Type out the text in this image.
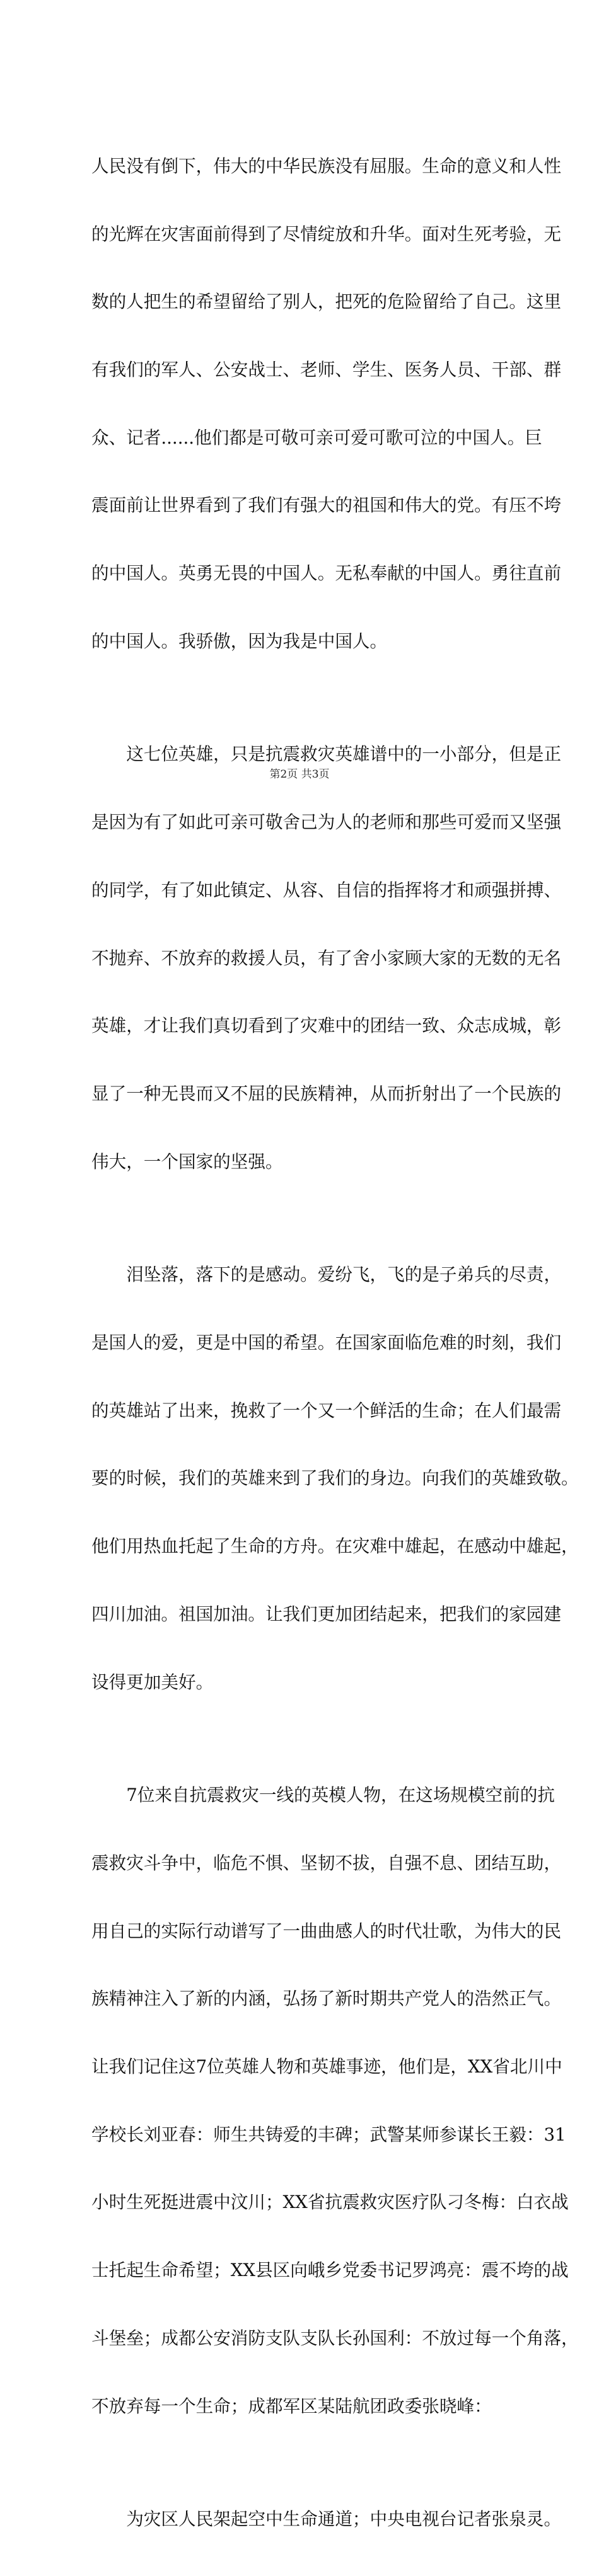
人民没有倒下，伟大的中华民族没有屈服。生命的意义和人性

的光辉在灾害面前得到了尽情绽放和升华。面对生死考验，无

数的人把生的希望留给了别人，把死的危险留给了自己。这里

有我们的军人、公安战士、老师、学生、医务人员、干部、群

众、记者......他们都是可敬可亲可爱可歌可泣的中国人。巨

震面前让世界看到了我们有强大的祖国和伟大的党。有压不垮

的中国人。英勇无畏的中国人。无私奉献的中国人。勇往直前

的中国人。我骄傲，因为我是中国人。

　　这七位英雄，只是抗震救灾英雄谱中的一小部分，但是正

是因为有了如此可亲可敬舍己为人的老师和那些可爱而又坚强

的同学，有了如此镇定、从容、自信的指挥将才和顽强拼搏、

不抛弃、不放弃的救援人员，有了舍小家顾大家的无数的无名

英雄，才让我们真切看到了灾难中的团结一致、众志成城，彰

显了一种无畏而又不屈的民族精神，从而折射出了一个民族的

伟大，一个国家的坚强。

　　泪坠落，落下的是感动。爱纷飞，飞的是子弟兵的尽责，

是国人的爱，更是中国的希望。在国家面临危难的时刻，我们

的英雄站了出来，挽救了一个又一个鲜活的生命；在人们最需

要的时候，我们的英雄来到了我们的身边。向我们的英雄致敬。

他们用热血托起了生命的方舟。在灾难中雄起，在感动中雄起，

四川加油。祖国加油。让我们更加团结起来，把我们的家园建

设得更加美好。

　　7位来自抗震救灾一线的英模人物，在这场规模空前的抗

震救灾斗争中，临危不惧、坚韧不拔，自强不息、团结互助，

用自己的实际行动谱写了一曲曲感人的时代壮歌，为伟大的民

族精神注入了新的内涵，弘扬了新时期共产党人的浩然正气。

让我们记住这7位英雄人物和英雄事迹，他们是，XX省北川中

学校长刘亚春：师生共铸爱的丰碑；武警某师参谋长王毅：31

小时生死挺进震中汶川；XX省抗震救灾医疗队刁冬梅：白衣战

士托起生命希望；XX县区向峨乡党委书记罗鸿亮：震不垮的战

斗堡垒；成都公安消防支队支队长孙国利：不放过每一个角落，

不放弃每一个生命；成都军区某陆航团政委张晓峰：

　　为灾区人民架起空中生命通道；中央电视台记者张泉灵。

第2页 共3页
